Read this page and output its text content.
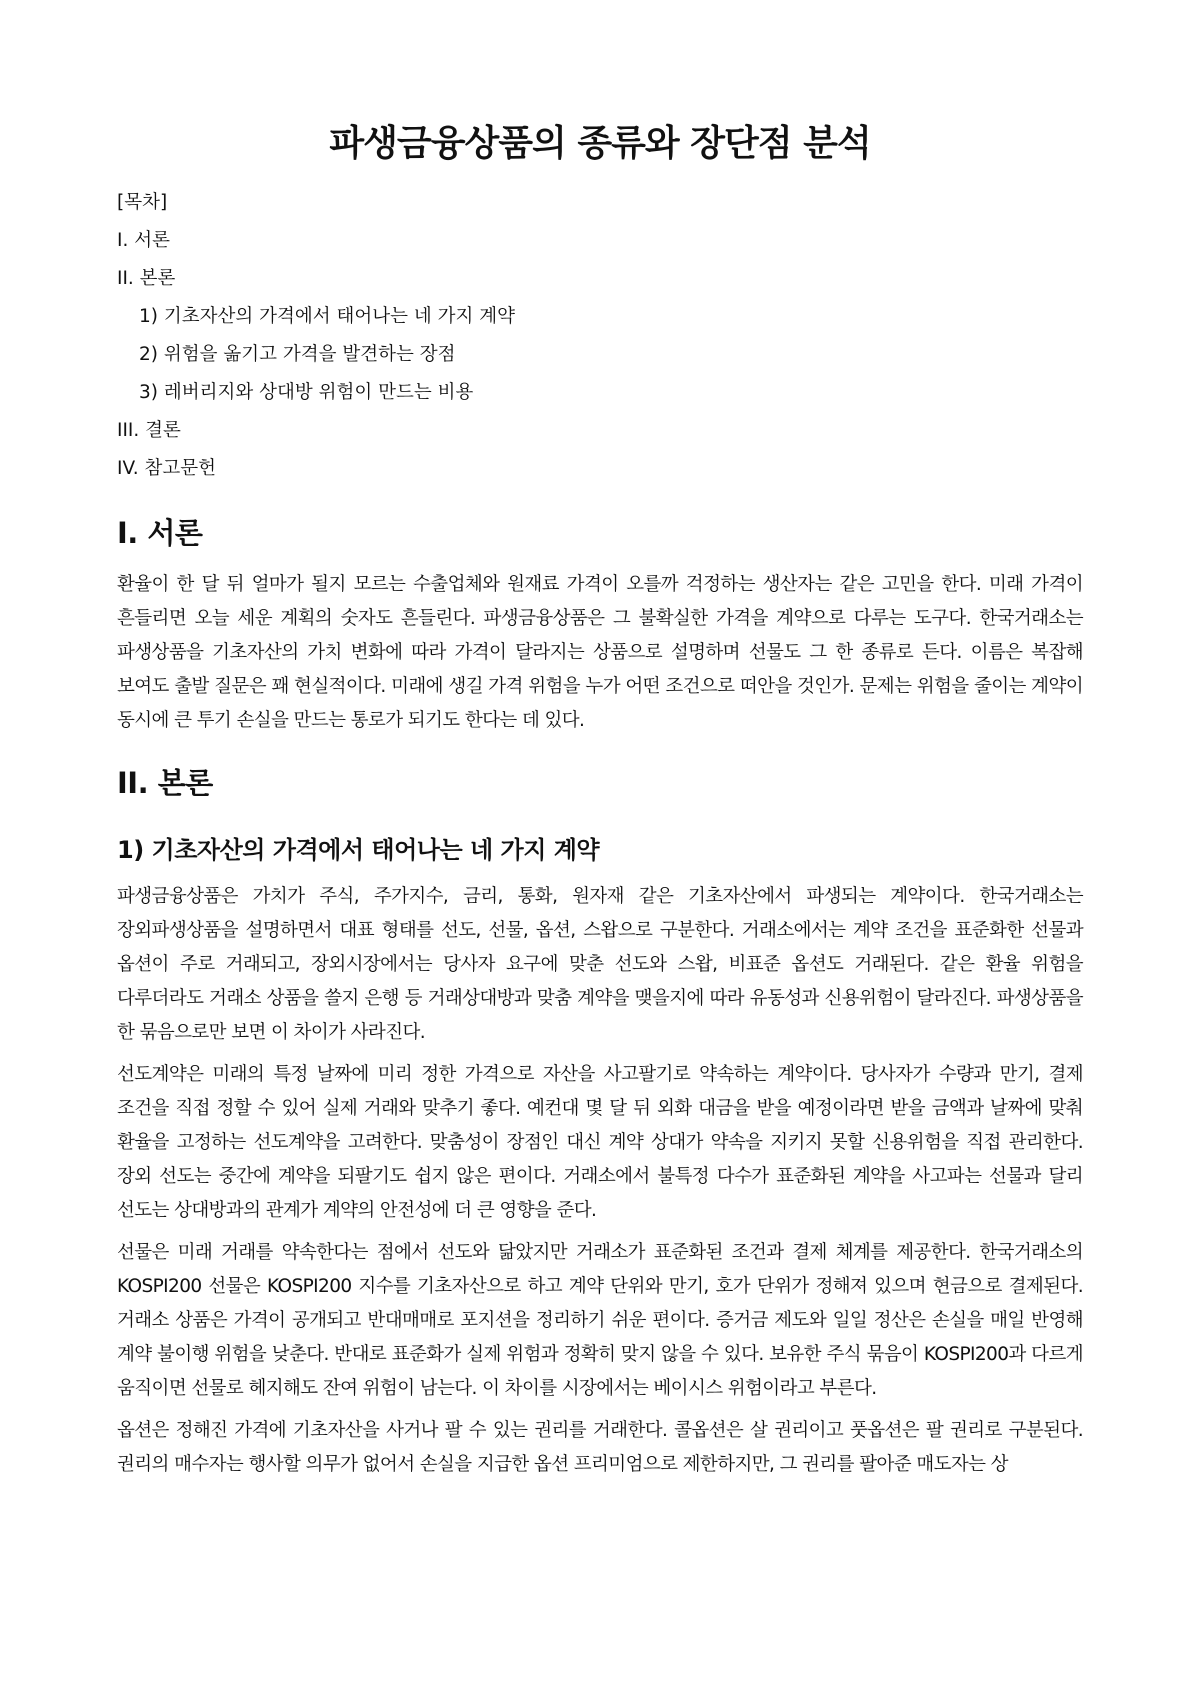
파생금융상품의 종류와 장단점 분석
[목차]
I. 서론
II. 본론
1) 기초자산의 가격에서 태어나는 네 가지 계약
2) 위험을 옮기고 가격을 발견하는 장점
3) 레버리지와 상대방 위험이 만드는 비용
III. 결론
IV. 참고문헌
I. 서론

환율이 한 달 뒤 얼마가 될지 모르는 수출업체와 원재료 가격이 오를까 걱정하는 생산자는 같은 고민을 한다. 미래 가격이 흔들리면 오늘 세운 계획의 숫자도 흔들린다. 파생금융상품은 그 불확실한 가격을 계약으로 다루는 도구다. 한국거래소는 파생상품을 기초자산의 가치 변화에 따라 가격이 달라지는 상품으로 설명하며 선물도 그 한 종류로 든다. 이름은 복잡해 보여도 출발 질문은 꽤 현실적이다. 미래에 생길 가격 위험을 누가 어떤 조건으로 떠안을 것인가. 문제는 위험을 줄이는 계약이 동시에 큰 투기 손실을 만드는 통로가 되기도 한다는 데 있다.

II. 본론
1) 기초자산의 가격에서 태어나는 네 가지 계약

파생금융상품은 가치가 주식, 주가지수, 금리, 통화, 원자재 같은 기초자산에서 파생되는 계약이다. 한국거래소는 장외파생상품을 설명하면서 대표 형태를 선도, 선물, 옵션, 스왑으로 구분한다. 거래소에서는 계약 조건을 표준화한 선물과 옵션이 주로 거래되고, 장외시장에서는 당사자 요구에 맞춘 선도와 스왑, 비표준 옵션도 거래된다. 같은 환율 위험을 다루더라도 거래소 상품을 쓸지 은행 등 거래상대방과 맞춤 계약을 맺을지에 따라 유동성과 신용위험이 달라진다. 파생상품을 한 묶음으로만 보면 이 차이가 사라진다.

선도계약은 미래의 특정 날짜에 미리 정한 가격으로 자산을 사고팔기로 약속하는 계약이다. 당사자가 수량과 만기, 결제 조건을 직접 정할 수 있어 실제 거래와 맞추기 좋다. 예컨대 몇 달 뒤 외화 대금을 받을 예정이라면 받을 금액과 날짜에 맞춰 환율을 고정하는 선도계약을 고려한다. 맞춤성이 장점인 대신 계약 상대가 약속을 지키지 못할 신용위험을 직접 관리한다. 장외 선도는 중간에 계약을 되팔기도 쉽지 않은 편이다. 거래소에서 불특정 다수가 표준화된 계약을 사고파는 선물과 달리 선도는 상대방과의 관계가 계약의 안전성에 더 큰 영향을 준다.

선물은 미래 거래를 약속한다는 점에서 선도와 닮았지만 거래소가 표준화된 조건과 결제 체계를 제공한다. 한국거래소의 KOSPI200 선물은 KOSPI200 지수를 기초자산으로 하고 계약 단위와 만기, 호가 단위가 정해져 있으며 현금으로 결제된다. 거래소 상품은 가격이 공개되고 반대매매로 포지션을 정리하기 쉬운 편이다. 증거금 제도와 일일 정산은 손실을 매일 반영해 계약 불이행 위험을 낮춘다. 반대로 표준화가 실제 위험과 정확히 맞지 않을 수 있다. 보유한 주식 묶음이 KOSPI200과 다르게 움직이면 선물로 헤지해도 잔여 위험이 남는다. 이 차이를 시장에서는 베이시스 위험이라고 부른다.

옵션은 정해진 가격에 기초자산을 사거나 팔 수 있는 권리를 거래한다. 콜옵션은 살 권리이고 풋옵션은 팔 권리로 구분된다. 권리의 매수자는 행사할 의무가 없어서 손실을 지급한 옵션 프리미엄으로 제한하지만, 그 권리를 팔아준 매도자는 상
